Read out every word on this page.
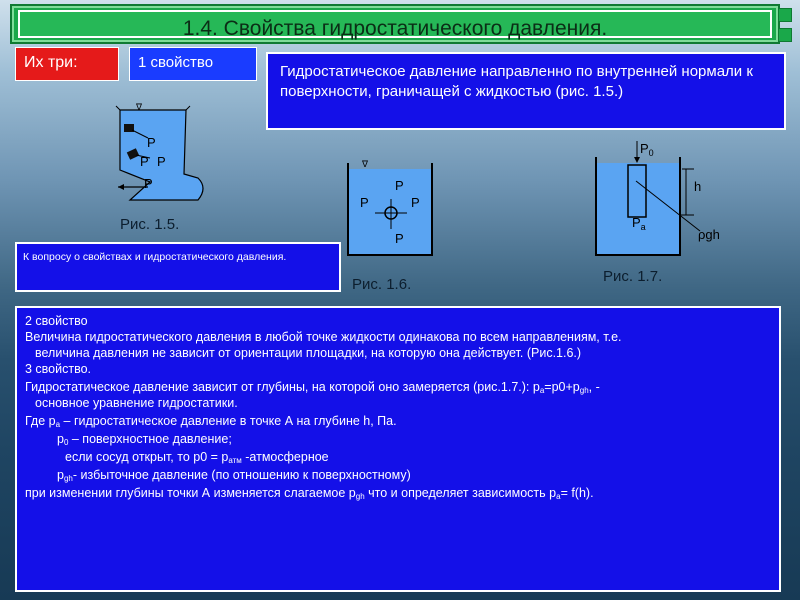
1.4. Свойства гидростатического давления.
Их три:	1 свойство
Гидростатическое давление направленно по внутренней нормали к поверхности, граничащей с жидкостью (рис. 1.5.)
∇
P
P
P
P
Рис. 1.5.
К вопросу о свойствах и гидростатического давления.
∇
P
P	P
P
Рис. 1.6.
$P_0$
h
$P_a$	ρgh
Рис. 1.7.
2 свойство
Величина гидростатического давления в любой точке жидкости одинакова по всем направлениям, т.е.
величина давления не зависит от ориентации площадки, на которую она действует. (Рис.1.6.)
3 свойство.
Гидростатическое давление зависит от глубины, на которой оно замеряется (рис.1.7.): $p_a=p0+p_{gh}$, -
основное уравнение гидростатики.
Где $p_a$ – гидростатическое давление в точке А на глубине h, Па.
$p_0$ – поверхностное давление;
если сосуд открыт, то $р0 = р_{атм}$ -атмосферное
$p_{gh}-$ избыточное давление (по отношению к поверхностному)
при изменении глубины точки А изменяется слагаемое $p_{gh}$ что и определяет зависимость $p_a= f(h)$.
